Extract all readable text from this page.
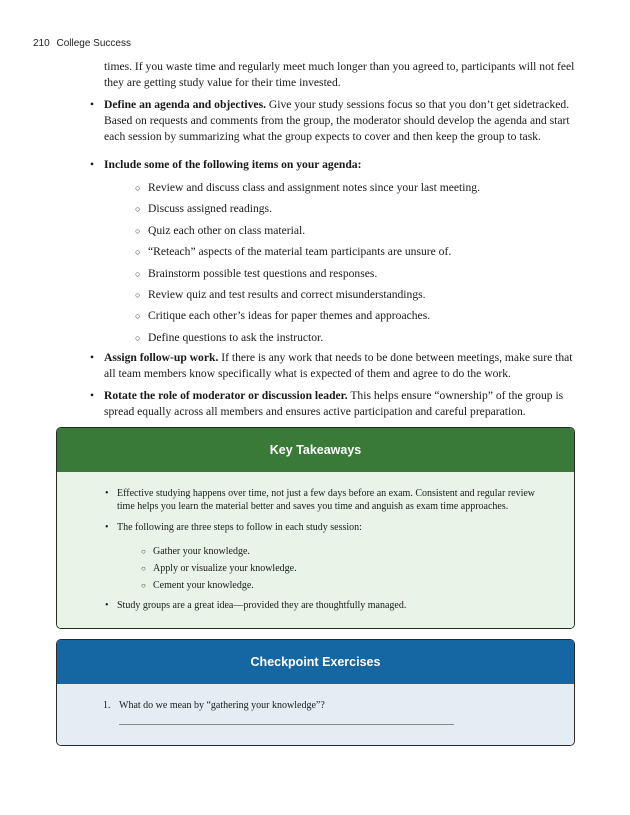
210 College Success
times. If you waste time and regularly meet much longer than you agreed to, participants will not feel
they are getting study value for their time invested.
• Define an agenda and objectives. Give your study sessions focus so that you don’t get sidetracked.
Based on requests and comments from the group, the moderator should develop the agenda and start
each session by summarizing what the group expects to cover and then keep the group to task.
• Include some of the following items on your agenda:
○ Review and discuss class and assignment notes since your last meeting.
○ Discuss assigned readings.
○ Quiz each other on class material.
○ “Reteach” aspects of the material team participants are unsure of.
○ Brainstorm possible test questions and responses.
○ Review quiz and test results and correct misunderstandings.
○ Critique each other’s ideas for paper themes and approaches.
○ Define questions to ask the instructor.
• Assign follow-up work. If there is any work that needs to be done between meetings, make sure that
all team members know specifically what is expected of them and agree to do the work.
• Rotate the role of moderator or discussion leader. This helps ensure “ownership” of the group is
spread equally across all members and ensures active participation and careful preparation.
Key Takeaways
• Effective studying happens over time, not just a few days before an exam. Consistent and regular review
time helps you learn the material better and saves you time and anguish as exam time approaches.
• The following are three steps to follow in each study session:
○ Gather your knowledge.
○ Apply or visualize your knowledge.
○ Cement your knowledge.
• Study groups are a great idea—provided they are thoughtfully managed.
Checkpoint Exercises
1. What do we mean by “gathering your knowledge”?
